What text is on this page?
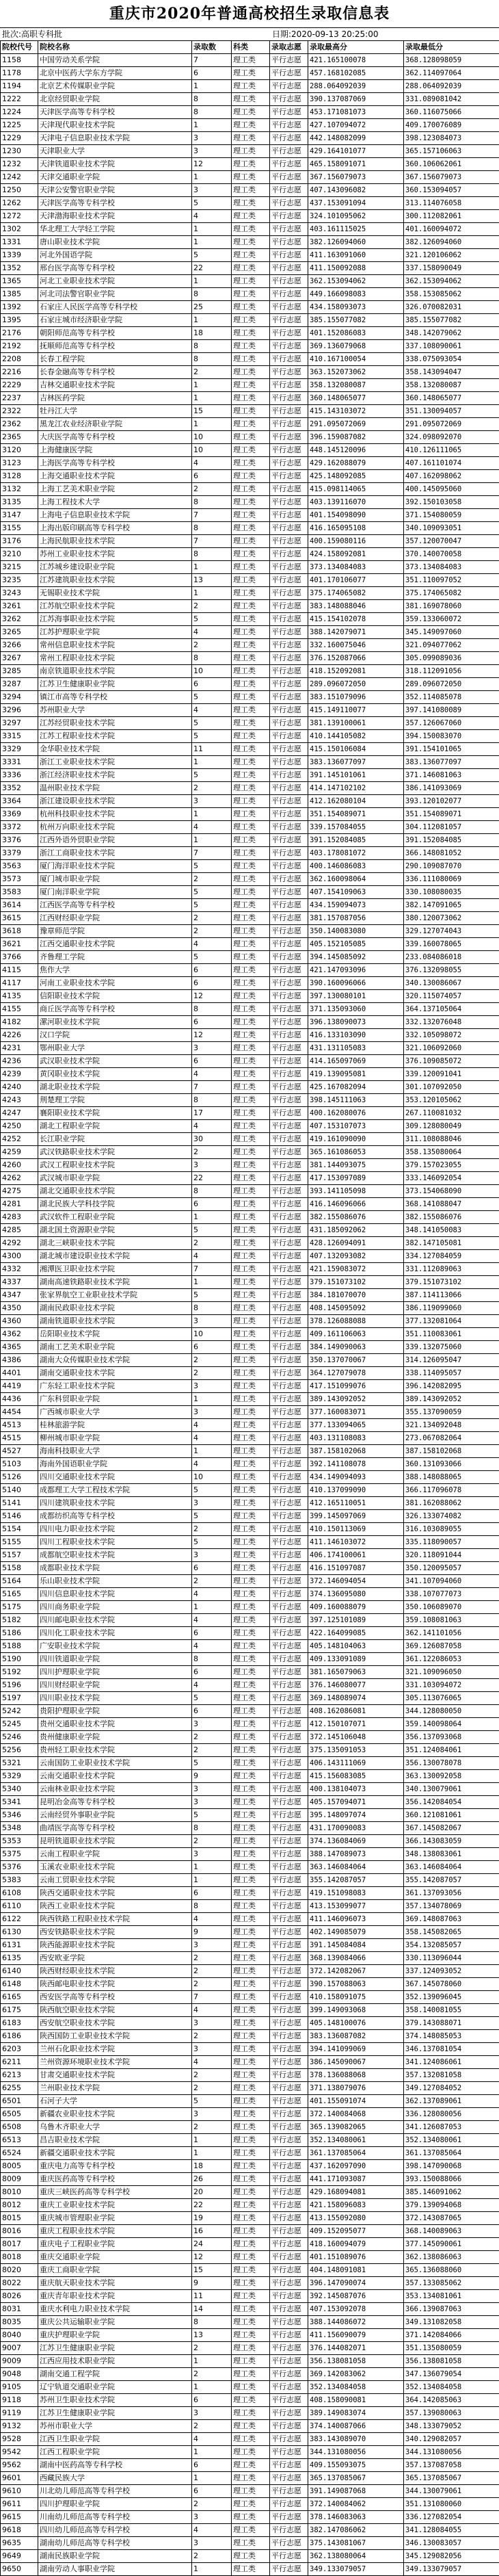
重庆市2020年普通高校招生录取信息表
批次:高职专科批	日期:2020-09-13 20:25:00
院校代号	院校名称	录取数	科类	录取志愿	录取最高分	录取最低分
1158	中国劳动关系学院	7	理工类	平行志愿	421.165100078	368.128098059
1178	北京中医药大学东方学院	6	理工类	平行志愿	457.168102085	362.114097064
1194	北京艺术传媒职业学院	1	理工类	平行志愿	288.064092039	288.064092039
1222	北京经贸职业学院	8	理工类	平行志愿	390.137087069	331.089081042
1224	天津医学高等专科学校	8	理工类	平行志愿	453.171081073	360.116075066
1225	天津现代职业技术学院	1	理工类	平行志愿	427.107094072	409.170076089
1229	天津电子信息职业技术学院	3	理工类	平行志愿	442.148082099	398.123084073
1230	天津职业大学	3	理工类	平行志愿	429.164101077	365.157106063
1232	天津铁道职业技术学院	12	理工类	平行志愿	465.158091071	360.106062061
1242	天津交通职业学院	1	理工类	平行志愿	367.156079073	367.156079073
1250	天津公安警官职业学院	3	理工类	平行志愿	407.143096082	360.153094057
1262	天津医学高等专科学校	5	理工类	平行志愿	437.153091094	313.114076058
1272	天津渤海职业技术学院	4	理工类	平行志愿	324.101095062	300.112082061
1302	华北理工大学轻工学院	1	理工类	平行志愿	403.161115025	401.160094072
1331	唐山职业技术学院	1	理工类	平行志愿	382.126094060	382.126094060
1339	河北外国语学院	5	理工类	平行志愿	411.163091060	321.120106062
1352	邢台医学高等专科学校	22	理工类	平行志愿	411.150092088	337.158090049
1365	河北工业职业技术学院	1	理工类	平行志愿	362.153094062	362.153094062
1385	河北司法警官职业学院	8	理工类	平行志愿	449.166098083	358.153085062
1392	石家庄人民医学高等专科学校	25	理工类	平行志愿	434.158093073	326.070082031
1395	石家庄城市经济职业学院	1	理工类	平行志愿	385.155077082	385.155077082
2176	朝阳师范高等专科学校	18	理工类	平行志愿	401.152086083	348.142079062
2192	抚顺师范高等专科学校	8	理工类	平行志愿	369.136079068	337.108090061
2208	长春工程学院	8	理工类	平行志愿	410.167100054	338.075093054
2216	长春金融高等专科学校	2	理工类	平行志愿	363.152073062	358.143094047
2229	吉林交通职业技术学院	1	理工类	平行志愿	358.132080087	358.132080087
2237	吉林医药学院	1	理工类	平行志愿	360.148065077	360.148065077
2322	牡丹江大学	15	理工类	平行志愿	415.143103072	351.130094057
2362	黑龙江农业经济职业学院	1	理工类	平行志愿	291.095072069	291.095072069
2365	大庆医学高等专科学校	10	理工类	平行志愿	396.159087082	324.098092070
3120	上海健康医学院	10	理工类	平行志愿	448.145120096	410.126111065
3123	上海医学高等专科学校	4	理工类	平行志愿	429.162088079	407.161101074
3128	上海交通职业技术学院	6	理工类	平行志愿	425.148092085	407.162098062
3132	上海工艺美术职业学院	2	理工类	平行志愿	415.098114065	400.145095060
3135	上海工程技术大学	8	理工类	平行志愿	403.139116070	392.150103058
3147	上海电子信息职业技术学院	7	理工类	平行志愿	401.154098090	371.154080059
3155	上海出版印刷高等专科学校	8	理工类	平行志愿	416.165095108	340.109093051
3176	上海民航职业技术学院	7	理工类	平行志愿	400.159080116	357.120070047
3210	苏州工业职业技术学院	8	理工类	平行志愿	424.158092081	370.140070058
3215	江苏城乡建设职业学院	1	理工类	平行志愿	373.134084083	373.134084083
3235	江苏建筑职业技术学院	13	理工类	平行志愿	401.170106077	351.110097052
3243	无锡职业技术学院	1	理工类	平行志愿	375.174065082	375.174065082
3261	江苏航空职业技术学院	2	理工类	平行志愿	383.148088046	381.169078060
3262	江苏海事职业技术学院	5	理工类	平行志愿	415.154102078	359.133060072
3265	江苏护理职业学院	4	理工类	平行志愿	388.142079071	345.149097060
3266	常州信息职业技术学院	2	理工类	平行志愿	332.160075046	321.094077062
3267	常州工程职业技术学院	8	理工类	平行志愿	376.152087066	305.099089036
3285	南京铁道职业技术学院	10	理工类	平行志愿	418.152092081	318.112091056
3287	江苏卫生健康职业学院	6	理工类	平行志愿	289.096072050	289.096072050
3294	镇江市高等专科学校	5	理工类	平行志愿	383.151079096	352.114085078
3296	苏州职业大学	4	理工类	平行志愿	415.149110077	397.141080089
3297	江苏经贸职业技术学院	5	理工类	平行志愿	381.139100061	357.126067060
3315	江苏工程职业技术学院	5	理工类	平行志愿	410.144105082	394.150083070
3329	金华职业技术学院	11	理工类	平行志愿	415.150106084	391.154101065
3331	浙江工业职业技术学院	1	理工类	平行志愿	383.136077097	383.136077097
3336	浙江经济职业技术学院	5	理工类	平行志愿	391.145101061	371.146081063
3352	温州职业技术学院	2	理工类	平行志愿	414.147102102	386.141093069
3364	浙江建设职业技术学院	3	理工类	平行志愿	412.162080104	393.120102077
3369	杭州科技职业技术学院	1	理工类	平行志愿	351.154089071	351.154089071
3372	杭州万向职业技术学院	4	理工类	平行志愿	339.157084055	304.112081057
3376	江西外语外贸职业学院	1	理工类	平行志愿	391.152084085	391.152084085
3379	浙江工商职业技术学院	7	理工类	平行志愿	403.178081072	366.148081052
3563	厦门海洋职业技术学院	5	理工类	平行志愿	400.146086083	290.109087070
3573	厦门城市职业学院	2	理工类	平行志愿	362.160098064	336.111080069
3583	厦门南洋职业学院	5	理工类	平行志愿	407.154109063	330.108080035
3614	江西医学高等专科学校	5	理工类	平行志愿	434.159094073	382.147091065
3615	江西财经职业学院	2	理工类	平行志愿	381.157087056	380.120073062
3618	豫章师范学院	2	理工类	平行志愿	350.140083080	329.127074043
3621	江西交通职业技术学院	4	理工类	平行志愿	405.152105085	339.160078065
3766	齐鲁理工学院	5	理工类	平行志愿	394.145085092	233.084086018
4115	焦作大学	6	理工类	平行志愿	421.147093096	376.132098055
4117	河南工业职业技术学院	6	理工类	平行志愿	390.160096066	340.130086067
4135	信阳职业技术学院	12	理工类	平行志愿	397.130080101	320.115074057
4155	商丘医学高等专科学校	8	理工类	平行志愿	371.135093060	364.137105064
4182	漯河职业技术学院	6	理工类	平行志愿	396.138090073	332.132076048
4226	汉口学院	12	理工类	平行志愿	416.133103090	332.105098072
4231	鄂州职业大学	3	理工类	平行志愿	431.131105083	321.106092060
4236	武汉职业技术学院	6	理工类	平行志愿	414.165097069	376.109085072
4239	黄冈职业技术学院	4	理工类	平行志愿	419.139095081	339.120091041
4240	湖北职业技术学院	7	理工类	平行志愿	425.167082094	301.107092050
4243	荆楚理工学院	8	理工类	平行志愿	398.145111063	353.120105062
4247	襄阳职业技术学院	17	理工类	平行志愿	400.162080076	267.110081032
4250	湖北工程职业学院	4	理工类	平行志愿	407.153107073	309.128080049
4252	长江职业学院	30	理工类	平行志愿	419.161090090	311.108088046
4259	武汉铁路职业技术学院	2	理工类	平行志愿	365.161086053	358.135080064
4260	武汉工程职业技术学院	3	理工类	平行志愿	381.144093075	379.157023055
4262	武汉城市职业学院	22	理工类	平行志愿	417.153097089	333.146092054
4275	湖北交通职业技术学院	8	理工类	平行志愿	393.141105098	373.154068090
4281	湖北民族大学科技学院	6	理工类	平行志愿	416.146096066	368.141088047
4283	武汉软件工程职业学院	1	理工类	平行志愿	382.155086076	382.155086076
4285	湖北国土资源职业学院	5	理工类	平行志愿	431.185092062	348.141050083
4292	湖北三峡职业技术学院	2	理工类	平行志愿	428.126094091	382.147105081
4300	湖北城市建设职业技术学院	4	理工类	平行志愿	407.132093082	334.127084059
4332	湘潭医卫职业技术学院	7	理工类	平行志愿	421.159083072	331.112089063
4337	湖南高速铁路职业技术学院	1	理工类	平行志愿	379.151073102	379.151073102
4347	张家界航空工业职业技术学院	5	理工类	平行志愿	384.181070070	387.114113066
4350	湖南民政职业技术学院	8	理工类	平行志愿	408.145095092	386.119099060
4360	湖南铁道职业技术学院	3	理工类	平行志愿	378.126088088	377.132081064
4362	岳阳职业技术学院	10	理工类	平行志愿	409.161106063	351.110083061
4365	湖南工艺美术职业学院	6	理工类	平行志愿	384.149090063	339.132075060
4386	湖南大众传媒职业技术学院	2	理工类	平行志愿	350.137070067	314.126095047
4401	湖南交通职业技术学院	2	理工类	平行志愿	364.127079078	338.114095057
4419	广东轻工职业技术学院	3	理工类	平行志愿	417.151099076	396.142082095
4436	广东科贸职业学院	1	理工类	平行志愿	389.143092052	389.143092052
4454	广西城市职业大学	3	理工类	平行志愿	377.160083071	355.137090059
4513	桂林旅游学院	4	理工类	平行志愿	377.133094065	321.134092048
4515	柳州城市职业学院	4	理工类	平行志愿	403.131108083	273.067082064
4527	海南科技职业大学	1	理工类	平行志愿	387.158102068	387.158102068
5103	海南外国语职业学院	4	理工类	平行志愿	392.141108078	360.131093066
5126	四川交通职业技术学院	10	理工类	平行志愿	434.149094093	388.148088065
5140	成都理工大学工程技术学院	5	理工类	平行志愿	410.137099090	366.117096078
5141	四川建筑职业技术学院	3	理工类	平行志愿	412.165110051	381.162088062
5146	成都纺织高等专科学校	5	理工类	平行志愿	399.145097069	326.133074082
5154	四川电力职业技术学院	2	理工类	平行志愿	410.150113069	316.103089055
5155	四川工程职业技术学院	5	理工类	平行志愿	411.146103072	335.118090057
5157	成都航空职业技术学院	3	理工类	平行志愿	406.174100061	320.118091044
5158	成都职业技术学院	6	理工类	平行志愿	416.151097087	350.120095057
5164	乐山职业技术学院	2	理工类	平行志愿	372.146094054	341.107094060
5165	四川信息职业技术学院	4	理工类	平行志愿	374.136095080	338.107077073
5175	四川商务职业学院	1	理工类	平行志愿	409.160088079	350.106089070
5182	四川邮电职业技术学院	4	理工类	平行志愿	397.125101089	359.108081063
5186	四川化工职业技术学院	6	理工类	平行志愿	422.164099085	362.141101056
5188	广安职业技术学院	4	理工类	平行志愿	405.148104063	369.126087058
5190	四川铁道职业学院	8	理工类	平行志愿	409.133091089	361.122086053
5192	四川护理职业学院	6	理工类	平行志愿	381.165079063	321.109096050
5196	四川财经职业学院	4	理工类	平行志愿	376.146080077	331.103094072
5197	四川职业技术学院	5	理工类	平行志愿	369.148089074	305.113076065
5242	贵阳护理职业学院	6	理工类	平行志愿	408.162086081	344.128080050
5245	贵州交通职业技术学院	3	理工类	平行志愿	412.150107071	359.140098064
5246	贵州健康职业学院	2	理工类	平行志愿	372.145106048	356.137093068
5256	贵州轻工职业技术学院	2	理工类	平行志愿	375.135091053	351.124084061
5321	云南国防工业职业技术学院	5	理工类	平行志愿	406.143111069	356.130078078
5329	云南交通职业技术学院	9	理工类	平行志愿	415.156083085	363.130092058
5340	云南林业职业技术学院	3	理工类	平行志愿	400.138104073	340.130079061
5341	昆明冶金高等专科学校	3	理工类	平行志愿	405.157094071	356.142084054
5346	云南经贸外事职业学院	5	理工类	平行志愿	395.148097074	360.121081061
5348	曲靖医学高等专科学校	8	理工类	平行志愿	431.170090083	367.145082067
5353	昆明铁道职业技术学院	2	理工类	平行志愿	374.136084069	366.143083059
5375	云南工程职业学院	3	理工类	平行志愿	388.147089073	348.138083061
5376	玉溪农业职业技术学院	1	理工类	平行志愿	363.146084064	363.146084064
5383	云南工贸职业技术学院	1	理工类	平行志愿	355.142087057	355.142087057
6108	陕西交通职业技术学院	6	理工类	平行志愿	419.151098083	361.137093056
6110	陕西工业职业技术学院	8	理工类	平行志愿	413.153099077	357.134078069
6122	陕西铁路工程职业技术学院	4	理工类	平行志愿	411.146096073	369.148087063
6130	西安铁路职业技术学院	9	理工类	平行志愿	402.149085079	358.145082065
6131	陕西能源职业技术学院	3	理工类	平行志愿	391.145084084	354.132085057
6135	西安欧亚学院	2	理工类	平行志愿	368.139084066	330.113096044
6140	陕西财经职业技术学院	2	理工类	平行志愿	372.142082067	337.124093052
6148	陕西邮电职业技术学院	2	理工类	平行志愿	390.157088063	367.145078060
6165	西安医学高等专科学校	7	理工类	平行志愿	410.158091075	352.139096045
6175	陕西航空职业技术学院	4	理工类	平行志愿	399.149093068	358.140081055
6183	西安航空职业技术学院	3	理工类	平行志愿	405.148100076	379.143088071
6186	陕西国防工业职业技术学院	2	理工类	平行志愿	383.136087082	374.148085053
6203	兰州石化职业技术学院	3	理工类	平行志愿	394.141099069	346.137081054
6211	兰州资源环境职业技术学院	4	理工类	平行志愿	386.145090067	341.124086061
6213	甘肃交通职业技术学院	2	理工类	平行志愿	378.136088068	357.132081058
6255	兰州职业技术学院	2	理工类	平行志愿	371.138079076	349.127084052
6501	石河子大学	5	理工类	平行志愿	401.155091074	362.137089061
6505	新疆农业职业技术学院	3	理工类	平行志愿	372.140084068	336.128080056
6508	乌鲁木齐职业大学	2	理工类	平行志愿	365.139082065	341.126087053
6513	昌吉职业技术学院	1	理工类	平行志愿	352.134080061	352.134080061
6524	新疆交通职业技术学院	1	理工类	平行志愿	361.137085064	361.137085064
8005	重庆电力高等专科学校	18	理工类	平行志愿	437.162097090	398.147090068
8009	重庆医药高等专科学校	26	理工类	平行志愿	441.171093087	393.150088066
8010	重庆三峡医药高等专科学校	20	理工类	平行志愿	429.168094081	385.146091062
8012	重庆工业职业技术学院	22	理工类	平行志愿	421.158096083	379.139094068
8015	重庆城市管理职业学院	19	理工类	平行志愿	413.155092080	372.143087065
8016	重庆工程职业技术学院	16	理工类	平行志愿	409.152095077	368.140089063
8017	重庆电子工程职业学院	24	理工类	平行志愿	418.160094079	377.145090061
8018	重庆交通职业学院	12	理工类	平行志愿	401.151089076	362.138086063
8020	重庆工商职业学院	15	理工类	平行志愿	404.148091081	365.136088060
8022	重庆航天职业技术学院	9	理工类	平行志愿	396.147090074	357.133085062
8026	重庆青年职业技术学院	11	理工类	平行志愿	392.145087076	353.134081061
8031	重庆水利电力职业技术学院	14	理工类	平行志愿	407.153092078	366.139087063
8035	重庆公共运输职业学院	8	理工类	平行志愿	388.144086072	349.131082058
8040	重庆护理职业学院	13	理工类	平行志愿	411.156090079	371.142084066
9007	江苏卫生健康职业学院	2	理工类	平行志愿	376.144082071	351.135080059
9009	江西应用技术职业学院	1	理工类	平行志愿	356.138081058	356.138081058
9048	湖南交通工程学院	2	理工类	平行志愿	369.142083062	347.136079054
9105	辽宁轨道交通职业学院	1	理工类	平行志愿	352.134084058	352.134084058
9118	苏州卫生职业技术学院	6	理工类	平行志愿	408.158090081	364.142085063
9119	江苏卫生健康职业学院	3	理工类	平行志愿	389.149083074	357.139080063
9132	苏州市职业大学	2	理工类	平行志愿	374.140087066	348.133079052
9528	江西卫生职业学院	4	理工类	平行志愿	383.143089070	340.129082057
9542	江西工程职业学院	1	理工类	平行志愿	344.131080056	344.131080056
9562	湖南中医药高等专科学校	6	理工类	平行志愿	409.155093075	357.137087058
9601	西藏民族大学	1	理工类	平行志愿	365.137085067	365.137085067
9610	川北幼儿师范高等专科学校	6	理工类	平行志愿	391.149087068	344.130079061
9611	四川护理职业学院	2	理工类	平行志愿	372.140084062	351.131080060
9615	川南幼儿师范高等专科学校	3	理工类	平行志愿	378.146083063	336.127082054
9618	四川幼儿师范高等专科学校	4	理工类	平行志愿	382.147086062	341.128084055
9635	湖南幼儿师范高等专科学校	3	理工类	平行志愿	375.143081067	346.130083057
9649	湖南民族职业学院	2	理工类	平行志愿	362.138080064	345.129082056
9650	湖南劳动人事职业学院	1	理工类	平行志愿	349.133079057	349.133079057
